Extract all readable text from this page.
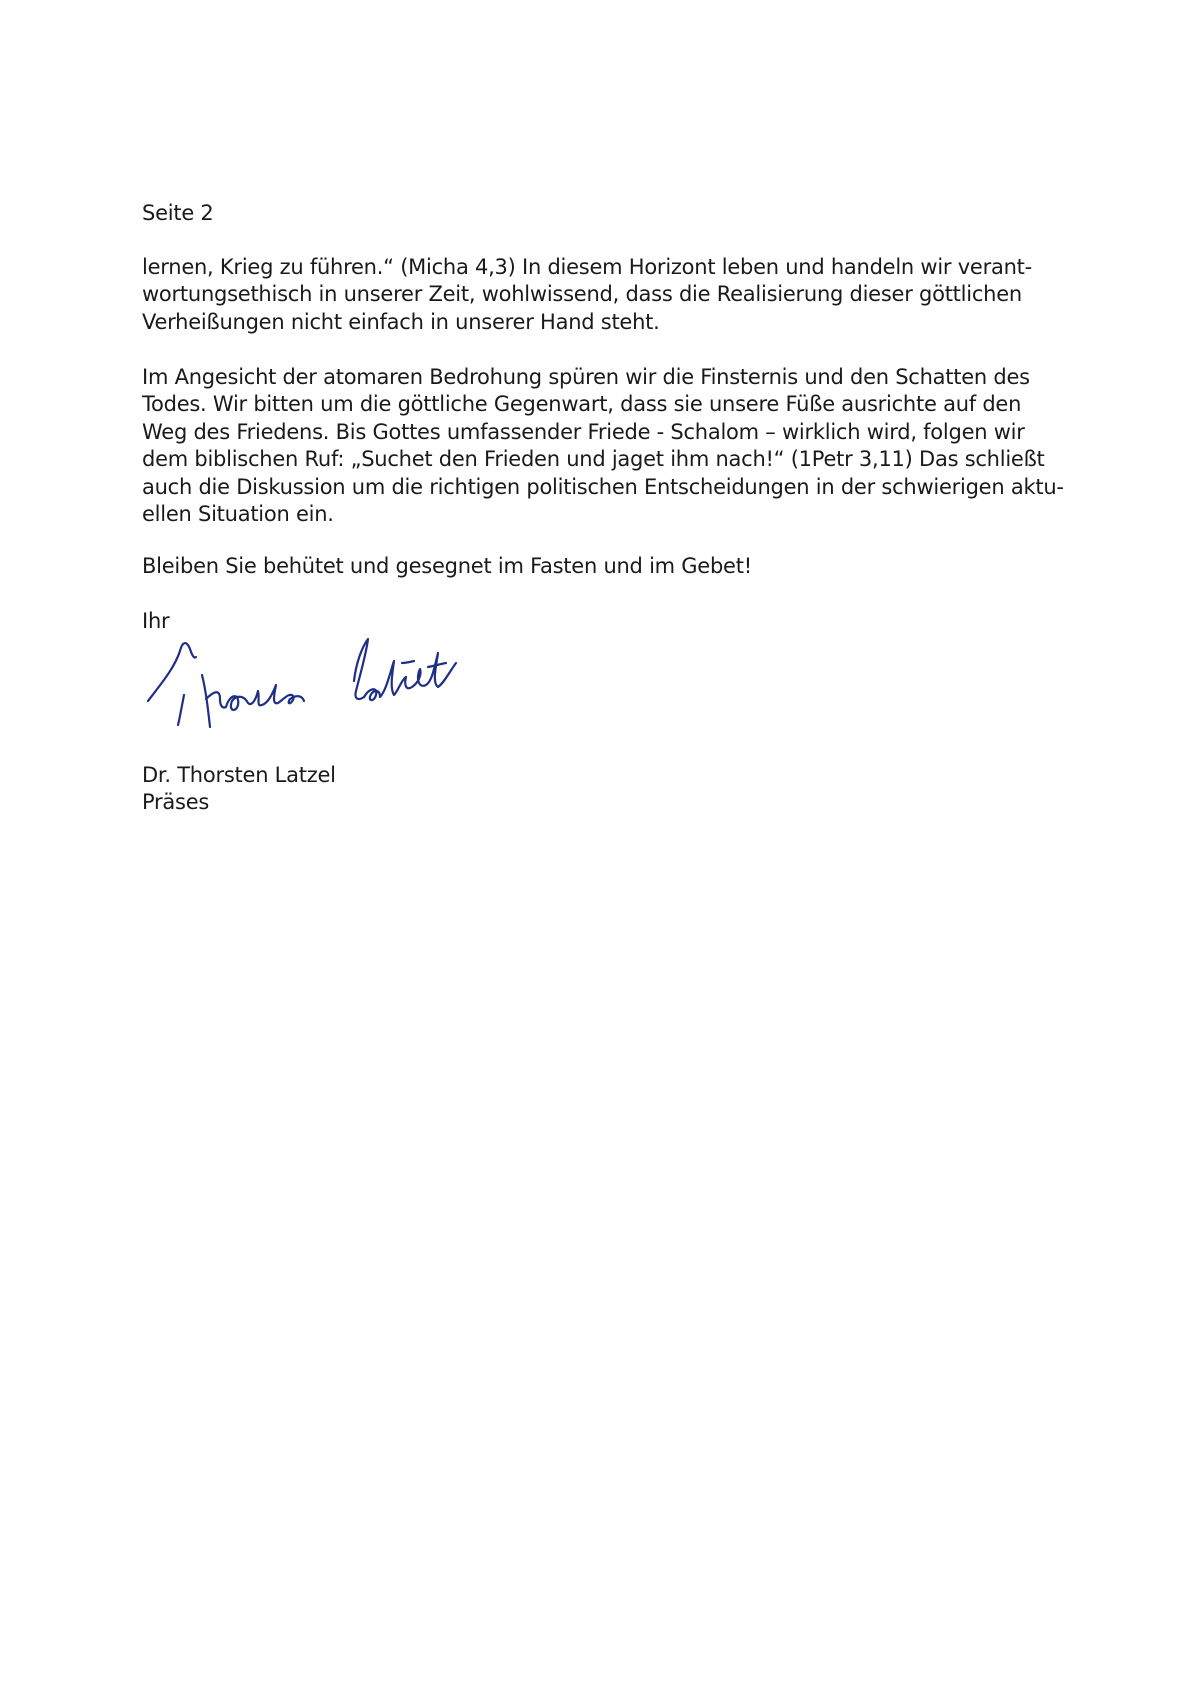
Seite 2
lernen, Krieg zu führen.“ (Micha 4,3) In diesem Horizont leben und handeln wir verant-
wortungsethisch in unserer Zeit, wohlwissend, dass die Realisierung dieser göttlichen
Verheißungen nicht einfach in unserer Hand steht.
Im Angesicht der atomaren Bedrohung spüren wir die Finsternis und den Schatten des
Todes. Wir bitten um die göttliche Gegenwart, dass sie unsere Füße ausrichte auf den
Weg des Friedens. Bis Gottes umfassender Friede - Schalom – wirklich wird, folgen wir
dem biblischen Ruf: „Suchet den Frieden und jaget ihm nach!“ (1Petr 3,11) Das schließt
auch die Diskussion um die richtigen politischen Entscheidungen in der schwierigen aktu-
ellen Situation ein.
Bleiben Sie behütet und gesegnet im Fasten und im Gebet!
Ihr
Dr. Thorsten Latzel
Präses
